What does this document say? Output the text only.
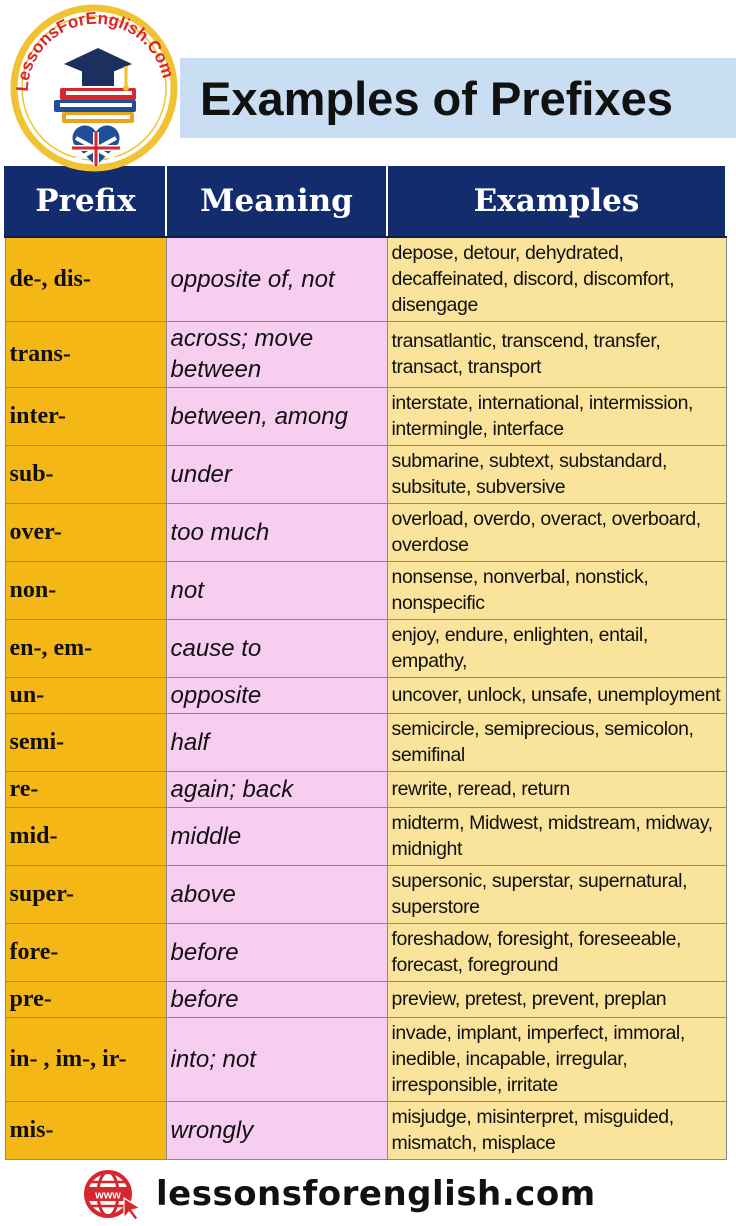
Examples of Prefixes
LessonsForEnglish.Com
Prefix	Meaning	Examples
de-, dis-	opposite of, not	depose, detour, dehydrated, decaffeinated, discord, discomfort, disengage
trans-	across; move between	transatlantic, transcend, transfer, transact, transport
inter-	between, among	interstate, international, intermission, intermingle, interface
sub-	under	submarine, subtext, substandard, subsitute, subversive
over-	too much	overload, overdo, overact, overboard, overdose
non-	not	nonsense, nonverbal, nonstick, nonspecific
en-, em-	cause to	enjoy, endure, enlighten, entail, empathy,
un-	opposite	uncover, unlock, unsafe, unemployment
semi-	half	semicircle, semiprecious, semicolon, semifinal
re-	again; back	rewrite, reread, return
mid-	middle	midterm, Midwest, midstream, midway, midnight
super-	above	supersonic, superstar, supernatural, superstore
fore-	before	foreshadow, foresight, foreseeable, forecast, foreground
pre-	before	preview, pretest, prevent, preplan
in- , im-, ir-	into; not	invade, implant, imperfect, immoral, inedible, incapable, irregular, irresponsible, irritate
mis-	wrongly	misjudge, misinterpret, misguided, mismatch, misplace
www lessonsforenglish.com
